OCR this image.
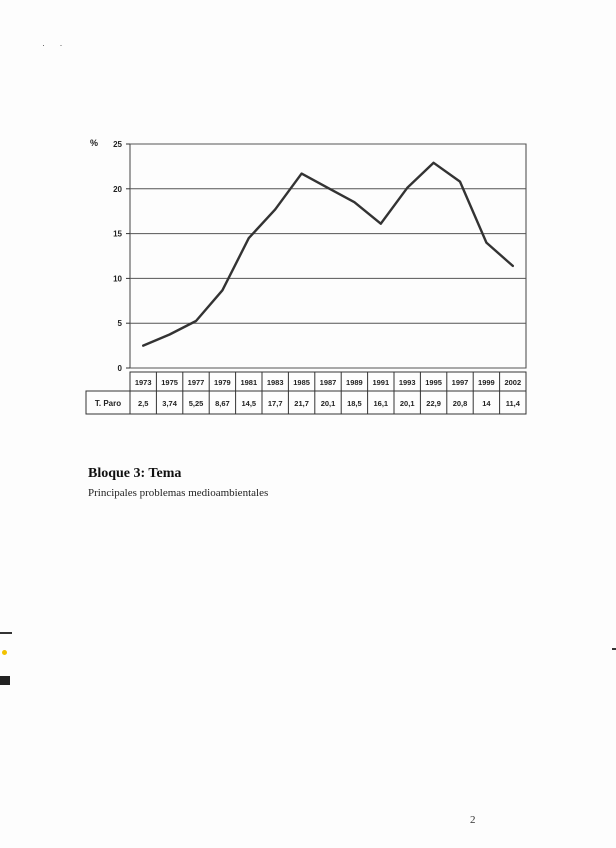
· ·
0
5
10
15
20
25
%
1973
2,5
1975
3,74
1977
5,25
1979
8,67
1981
14,5
1983
17,7
1985
21,7
1987
20,1
1989
18,5
1991
16,1
1993
20,1
1995
22,9
1997
20,8
1999
14
2002
11,4
T. Paro
Bloque 3: Tema
Principales problemas medioambientales
2
